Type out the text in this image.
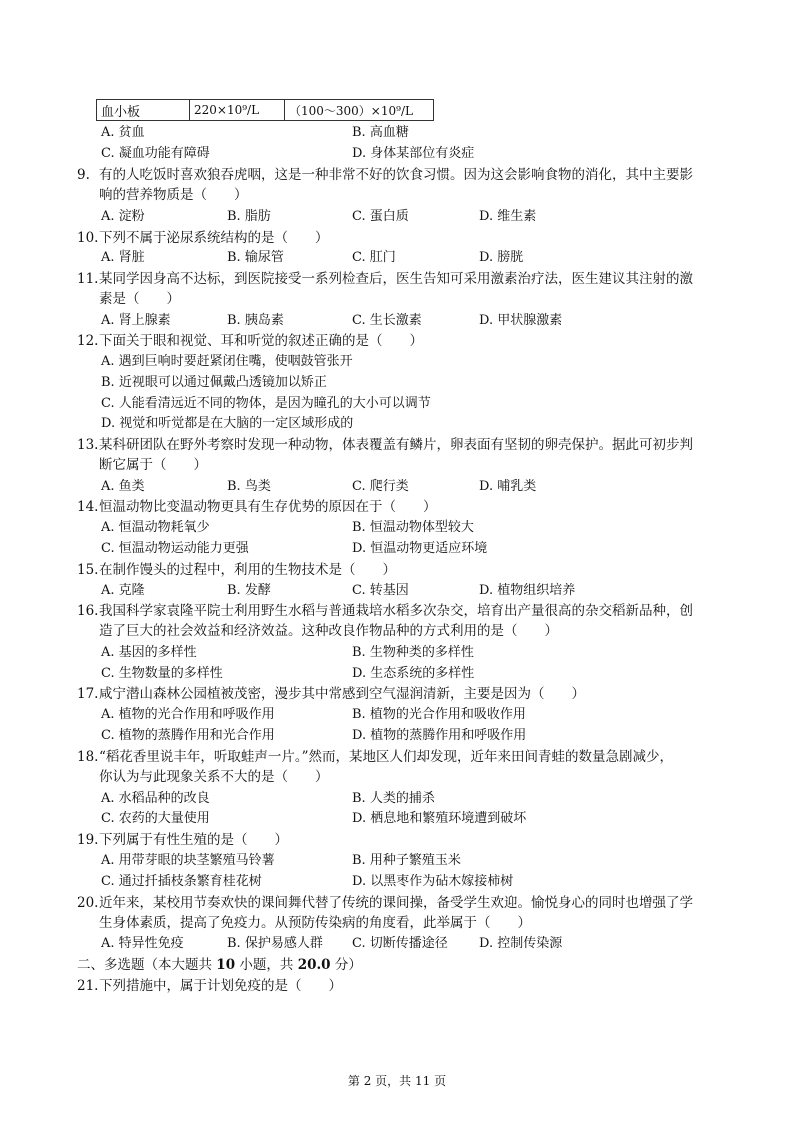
血小板	220×10⁹/L	（100～300）×10⁹/L
A. 贫血	B. 高血糖
C. 凝血功能有障碍	D. 身体某部位有炎症
9. 有的人吃饭时喜欢狼吞虎咽，这是一种非常不好的饮食习惯。因为这会影响食物的消化，其中主要影
响的营养物质是（　　）
A. 淀粉	B. 脂肪	C. 蛋白质	D. 维生素
10. 下列不属于泌尿系统结构的是（　　）
A. 肾脏	B. 输尿管	C. 肛门	D. 膀胱
11. 某同学因身高不达标，到医院接受一系列检查后，医生告知可采用激素治疗法，医生建议其注射的激
素是（　　）
A. 肾上腺素	B. 胰岛素	C. 生长激素	D. 甲状腺激素
12. 下面关于眼和视觉、耳和听觉的叙述正确的是（　　）
A. 遇到巨响时要赶紧闭住嘴，使咽鼓管张开
B. 近视眼可以通过佩戴凸透镜加以矫正
C. 人能看清远近不同的物体，是因为瞳孔的大小可以调节
D. 视觉和听觉都是在大脑的一定区域形成的
13. 某科研团队在野外考察时发现一种动物，体表覆盖有鳞片，卵表面有坚韧的卵壳保护。据此可初步判
断它属于（　　）
A. 鱼类	B. 鸟类	C. 爬行类	D. 哺乳类
14. 恒温动物比变温动物更具有生存优势的原因在于（　　）
A. 恒温动物耗氧少	B. 恒温动物体型较大
C. 恒温动物运动能力更强	D. 恒温动物更适应环境
15. 在制作馒头的过程中，利用的生物技术是（　　）
A. 克隆	B. 发酵	C. 转基因	D. 植物组织培养
16. 我国科学家袁隆平院士利用野生水稻与普通栽培水稻多次杂交，培育出产量很高的杂交稻新品种，创
造了巨大的社会效益和经济效益。这种改良作物品种的方式利用的是（　　）
A. 基因的多样性	B. 生物种类的多样性
C. 生物数量的多样性	D. 生态系统的多样性
17. 咸宁潜山森林公园植被茂密，漫步其中常感到空气湿润清新，主要是因为（　　）
A. 植物的光合作用和呼吸作用	B. 植物的光合作用和吸收作用
C. 植物的蒸腾作用和光合作用	D. 植物的蒸腾作用和呼吸作用
18. “稻花香里说丰年，听取蛙声一片。”然而，某地区人们却发现，近年来田间青蛙的数量急剧减少，
你认为与此现象关系不大的是（　　）
A. 水稻品种的改良	B. 人类的捕杀
C. 农药的大量使用	D. 栖息地和繁殖环境遭到破坏
19. 下列属于有性生殖的是（　　）
A. 用带芽眼的块茎繁殖马铃薯	B. 用种子繁殖玉米
C. 通过扦插枝条繁育桂花树	D. 以黑枣作为砧木嫁接柿树
20. 近年来，某校用节奏欢快的课间舞代替了传统的课间操，备受学生欢迎。愉悦身心的同时也增强了学
生身体素质，提高了免疫力。从预防传染病的角度看，此举属于（　　）
A. 特异性免疫	B. 保护易感人群 C. 切断传播途径 D. 控制传染源
二、多选题（本大题共 10 小题，共 20.0 分）
21. 下列措施中，属于计划免疫的是（　　）
第 2 页，共 11 页
